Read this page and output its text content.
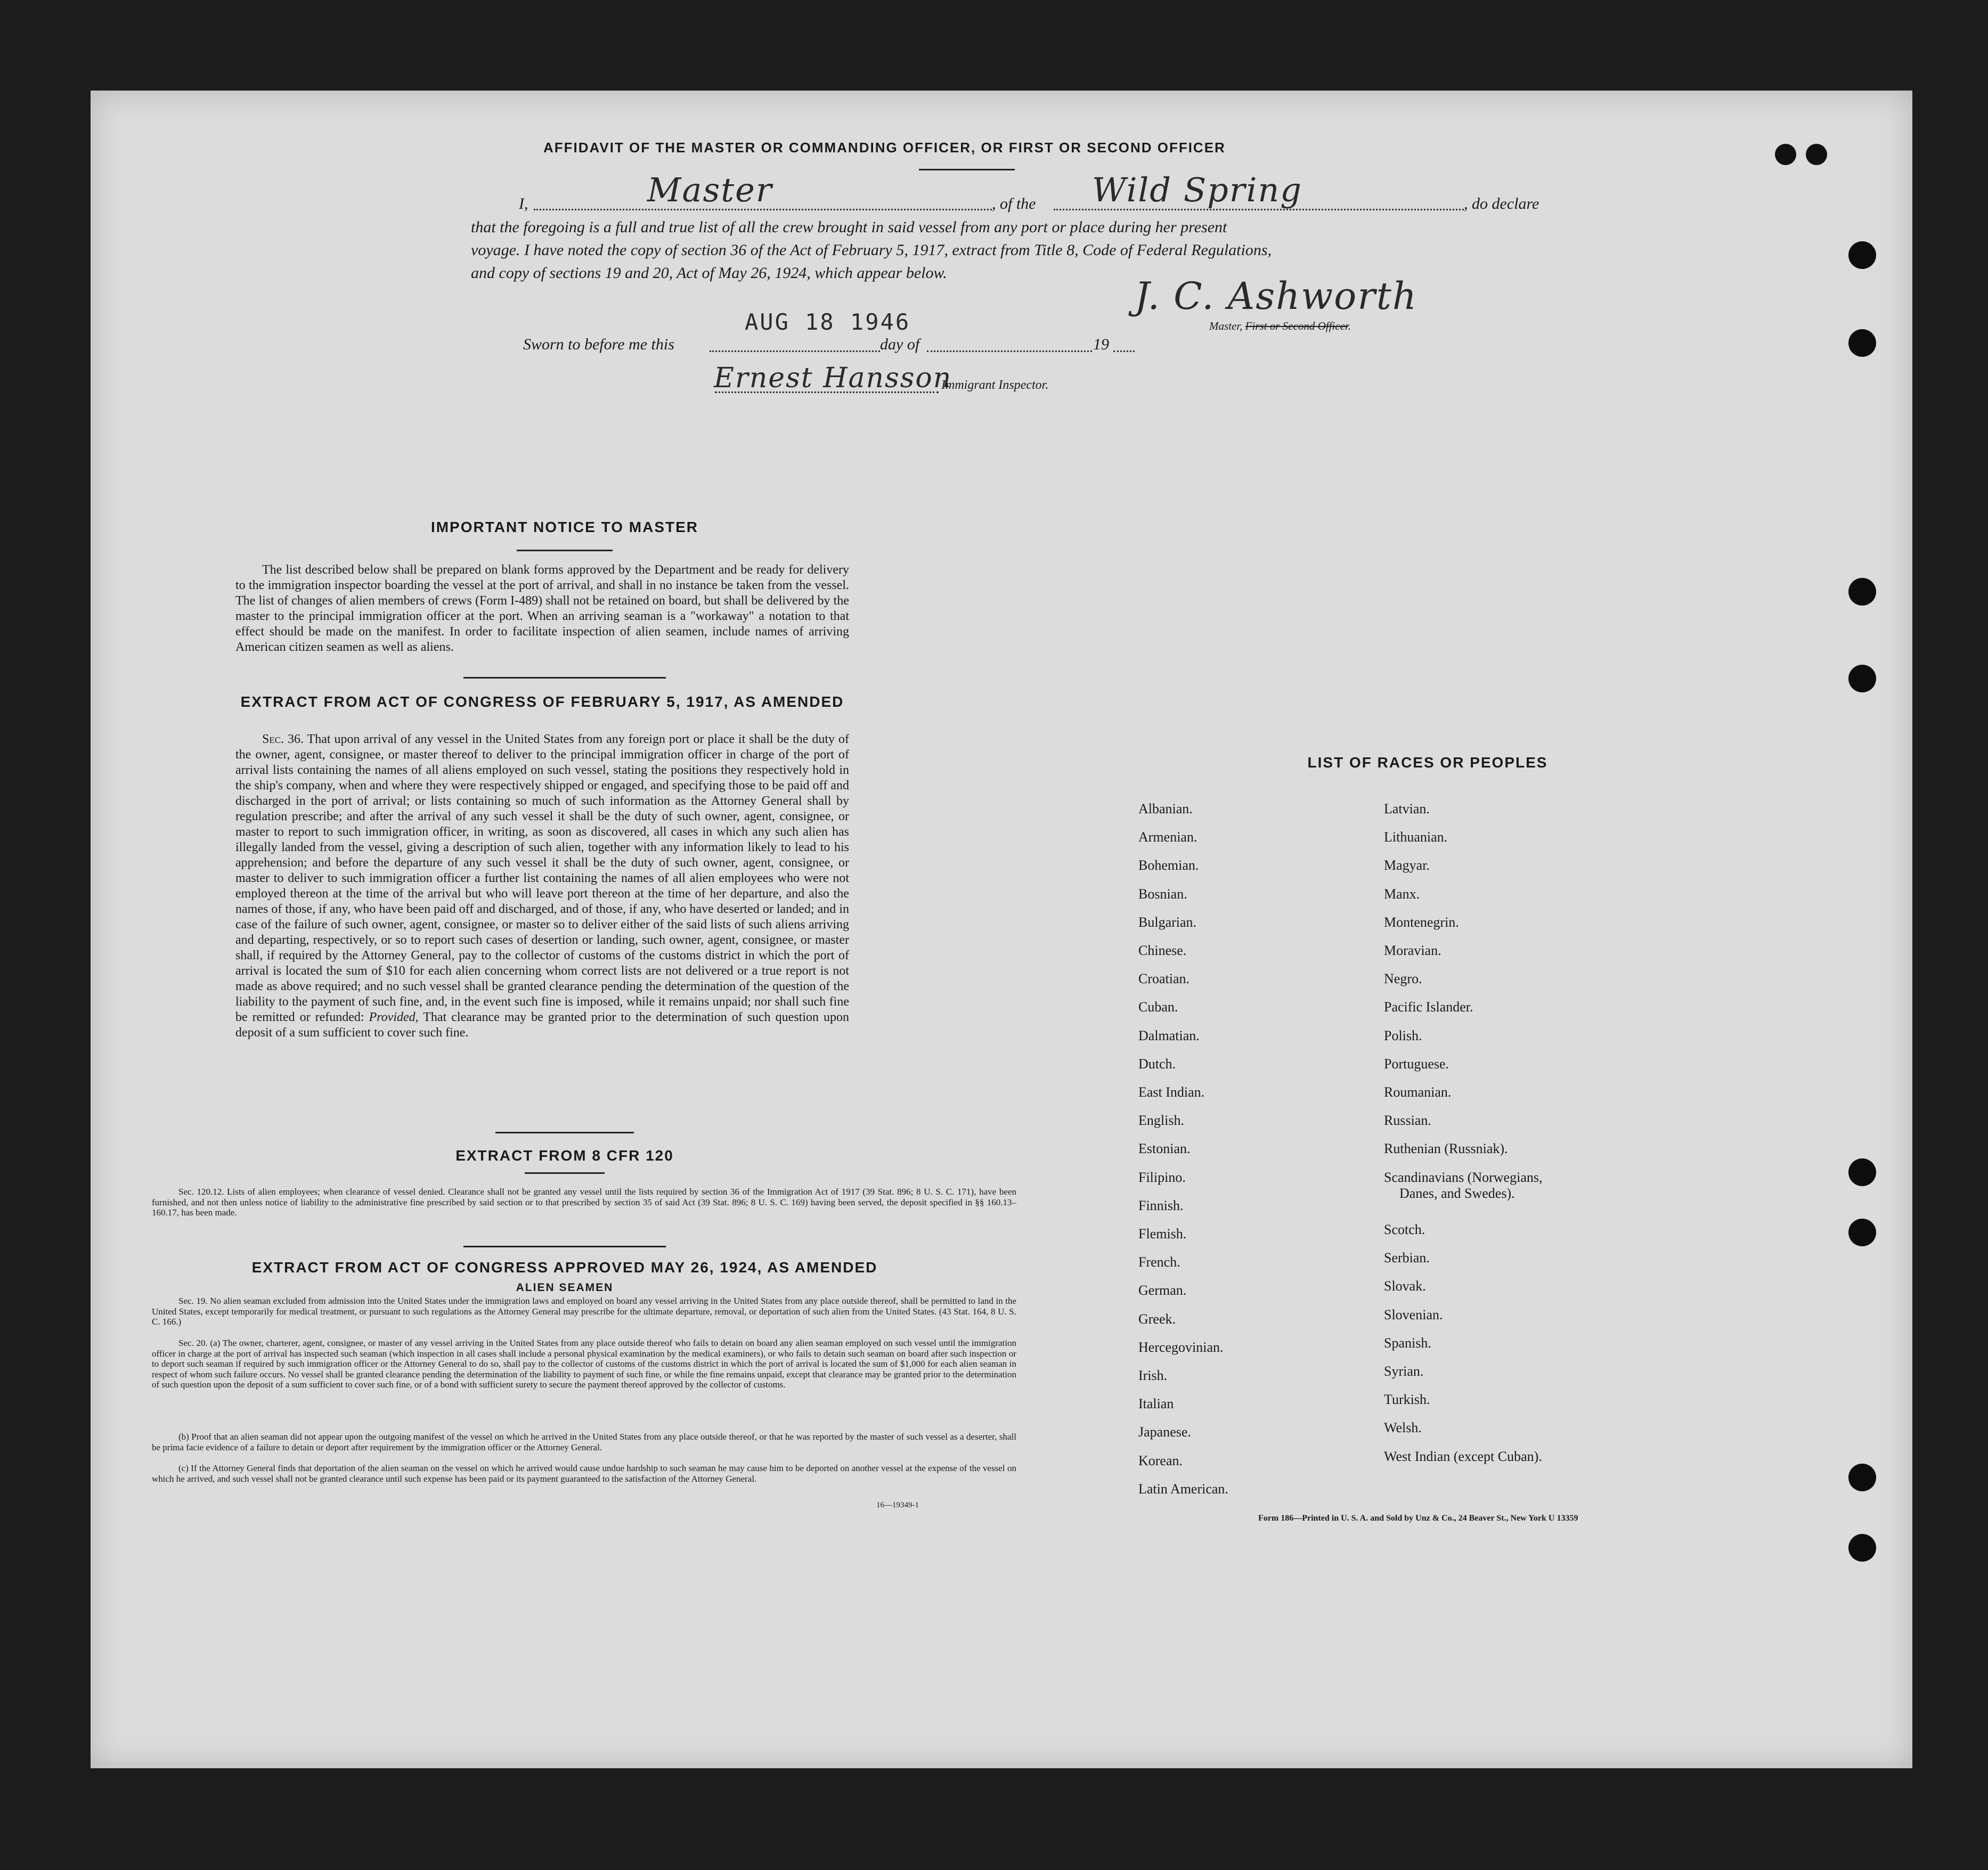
AFFIDAVIT OF THE MASTER OR COMMANDING OFFICER, OR FIRST OR SECOND OFFICER
I,	Master	, of the Wild Spring	, do declare
that the foregoing is a full and true list of all the crew brought in said vessel from any port or place during her present
voyage. I have noted the copy of section 36 of the Act of February 5, 1917, extract from Title 8, Code of Federal Regulations,
and copy of sections 19 and 20, Act of May 26, 1924, which appear below.
AUG 18 1946
Sworn to before me this	day of	19
J. C. Ashworth
Master, First or Second Officer.
Ernest Hansson
Immigrant Inspector.
IMPORTANT NOTICE TO MASTER
The list described below shall be prepared on blank forms approved by the Department and be ready for delivery to the immigration inspector boarding the vessel at the port of arrival, and shall in no instance be taken from the vessel. The list of changes of alien members of crews (Form I-489) shall not be retained on board, but shall be delivered by the master to the principal immigration officer at the port. When an arriving seaman is a "workaway" a notation to that effect should be made on the manifest. In order to facilitate inspection of alien seamen, include names of arriving American citizen seamen as well as aliens.
EXTRACT FROM ACT OF CONGRESS OF FEBRUARY 5, 1917, AS AMENDED
Sec. 36. That upon arrival of any vessel in the United States from any foreign port or place it shall be the duty of the owner, agent, consignee, or master thereof to deliver to the principal immigration officer in charge of the port of arrival lists containing the names of all aliens employed on such vessel, stating the positions they respectively hold in the ship's company, when and where they were respectively shipped or engaged, and specifying those to be paid off and discharged in the port of arrival; or lists containing so much of such information as the Attorney General shall by regulation prescribe; and after the arrival of any such vessel it shall be the duty of such owner, agent, consignee, or master to report to such immigration officer, in writing, as soon as discovered, all cases in which any such alien has illegally landed from the vessel, giving a description of such alien, together with any information likely to lead to his apprehension; and before the departure of any such vessel it shall be the duty of such owner, agent, consignee, or master to deliver to such immigration officer a further list containing the names of all alien employees who were not employed thereon at the time of the arrival but who will leave port thereon at the time of her departure, and also the names of those, if any, who have been paid off and discharged, and of those, if any, who have deserted or landed; and in case of the failure of such owner, agent, consignee, or master so to deliver either of the said lists of such aliens arriving and departing, respectively, or so to report such cases of desertion or landing, such owner, agent, consignee, or master shall, if required by the Attorney General, pay to the collector of customs of the customs district in which the port of arrival is located the sum of $10 for each alien concerning whom correct lists are not delivered or a true report is not made as above required; and no such vessel shall be granted clearance pending the determination of the question of the liability to the payment of such fine, and, in the event such fine is imposed, while it remains unpaid; nor shall such fine be remitted or refunded: Provided, That clearance may be granted prior to the determination of such question upon deposit of a sum sufficient to cover such fine.
EXTRACT FROM 8 CFR 120
Sec. 120.12. Lists of alien employees; when clearance of vessel denied. Clearance shall not be granted any vessel until the lists required by section 36 of the Immigration Act of 1917 (39 Stat. 896; 8 U. S. C. 171), have been furnished, and not then unless notice of liability to the administrative fine prescribed by said section or to that prescribed by section 35 of said Act (39 Stat. 896; 8 U. S. C. 169) having been served, the deposit specified in §§ 160.13–160.17, has been made.
EXTRACT FROM ACT OF CONGRESS APPROVED MAY 26, 1924, AS AMENDED
ALIEN SEAMEN
Sec. 19. No alien seaman excluded from admission into the United States under the immigration laws and employed on board any vessel arriving in the United States from any place outside thereof, shall be permitted to land in the United States, except temporarily for medical treatment, or pursuant to such regulations as the Attorney General may prescribe for the ultimate departure, removal, or deportation of such alien from the United States. (43 Stat. 164, 8 U. S. C. 166.)
Sec. 20. (a) The owner, charterer, agent, consignee, or master of any vessel arriving in the United States from any place outside thereof who fails to detain on board any alien seaman employed on such vessel until the immigration officer in charge at the port of arrival has inspected such seaman (which inspection in all cases shall include a personal physical examination by the medical examiners), or who fails to detain such seaman on board after such inspection or to deport such seaman if required by such immigration officer or the Attorney General to do so, shall pay to the collector of customs of the customs district in which the port of arrival is located the sum of $1,000 for each alien seaman in respect of whom such failure occurs. No vessel shall be granted clearance pending the determination of the liability to payment of such fine, or while the fine remains unpaid, except that clearance may be granted prior to the determination of such question upon the deposit of a sum sufficient to cover such fine, or of a bond with sufficient surety to secure the payment thereof approved by the collector of customs.
(b) Proof that an alien seaman did not appear upon the outgoing manifest of the vessel on which he arrived in the United States from any place outside thereof, or that he was reported by the master of such vessel as a deserter, shall be prima facie evidence of a failure to detain or deport after requirement by the immigration officer or the Attorney General.
(c) If the Attorney General finds that deportation of the alien seaman on the vessel on which he arrived would cause undue hardship to such seaman he may cause him to be deported on another vessel at the expense of the vessel on which he arrived, and such vessel shall not be granted clearance until such expense has been paid or its payment guaranteed to the satisfaction of the Attorney General.
16—19349-1
LIST OF RACES OR PEOPLES
Form 186—Printed in U. S. A. and Sold by Unz & Co., 24 Beaver St., New York U 13359
Albanian.
Armenian.
Bohemian.
Bosnian.
Bulgarian.
Chinese.
Croatian.
Cuban.
Dalmatian.
Dutch.
East Indian.
English.
Estonian.
Filipino.
Finnish.
Flemish.
French.
German.
Greek.
Hercegovinian.
Irish.
Italian
Japanese.
Korean.
Latin American.
Latvian.
Lithuanian.
Magyar.
Manx.
Montenegrin.
Moravian.
Negro.
Pacific Islander.
Polish.
Portuguese.
Roumanian.
Russian.
Ruthenian (Russniak).
Scandinavians (Norwegians,
Danes, and Swedes).
Scotch.
Serbian.
Slovak.
Slovenian.
Spanish.
Syrian.
Turkish.
Welsh.
West Indian (except Cuban).
